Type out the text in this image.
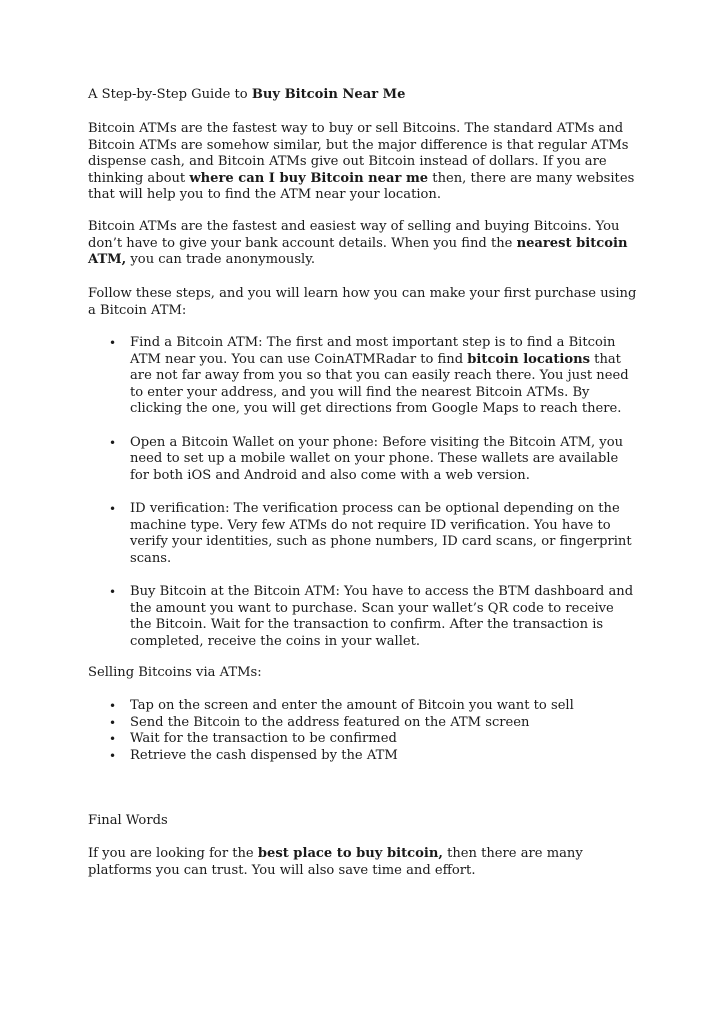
A Step-by-Step Guide to Buy Bitcoin Near Me

Bitcoin ATMs are the fastest way to buy or sell Bitcoins. The standard ATMs and Bitcoin ATMs are somehow similar, but the major difference is that regular ATMs dispense cash, and Bitcoin ATMs give out Bitcoin instead of dollars. If you are thinking about where can I buy Bitcoin near me then, there are many websites that will help you to find the ATM near your location.

Bitcoin ATMs are the fastest and easiest way of selling and buying Bitcoins. You don’t have to give your bank account details. When you find the nearest bitcoin ATM, you can trade anonymously.

Follow these steps, and you will learn how you can make your first purchase using a Bitcoin ATM:

• Find a Bitcoin ATM: The first and most important step is to find a Bitcoin ATM near you. You can use CoinATMRadar to find bitcoin locations that are not far away from you so that you can easily reach there. You just need to enter your address, and you will find the nearest Bitcoin ATMs. By clicking the one, you will get directions from Google Maps to reach there.
• Open a Bitcoin Wallet on your phone: Before visiting the Bitcoin ATM, you need to set up a mobile wallet on your phone. These wallets are available for both iOS and Android and also come with a web version.
• ID verification: The verification process can be optional depending on the machine type. Very few ATMs do not require ID verification. You have to verify your identities, such as phone numbers, ID card scans, or fingerprint scans.
• Buy Bitcoin at the Bitcoin ATM: You have to access the BTM dashboard and the amount you want to purchase. Scan your wallet’s QR code to receive the Bitcoin. Wait for the transaction to confirm. After the transaction is completed, receive the coins in your wallet.

Selling Bitcoins via ATMs:

• Tap on the screen and enter the amount of Bitcoin you want to sell
• Send the Bitcoin to the address featured on the ATM screen
• Wait for the transaction to be confirmed
• Retrieve the cash dispensed by the ATM

Final Words

If you are looking for the best place to buy bitcoin, then there are many platforms you can trust. You will also save time and effort.
